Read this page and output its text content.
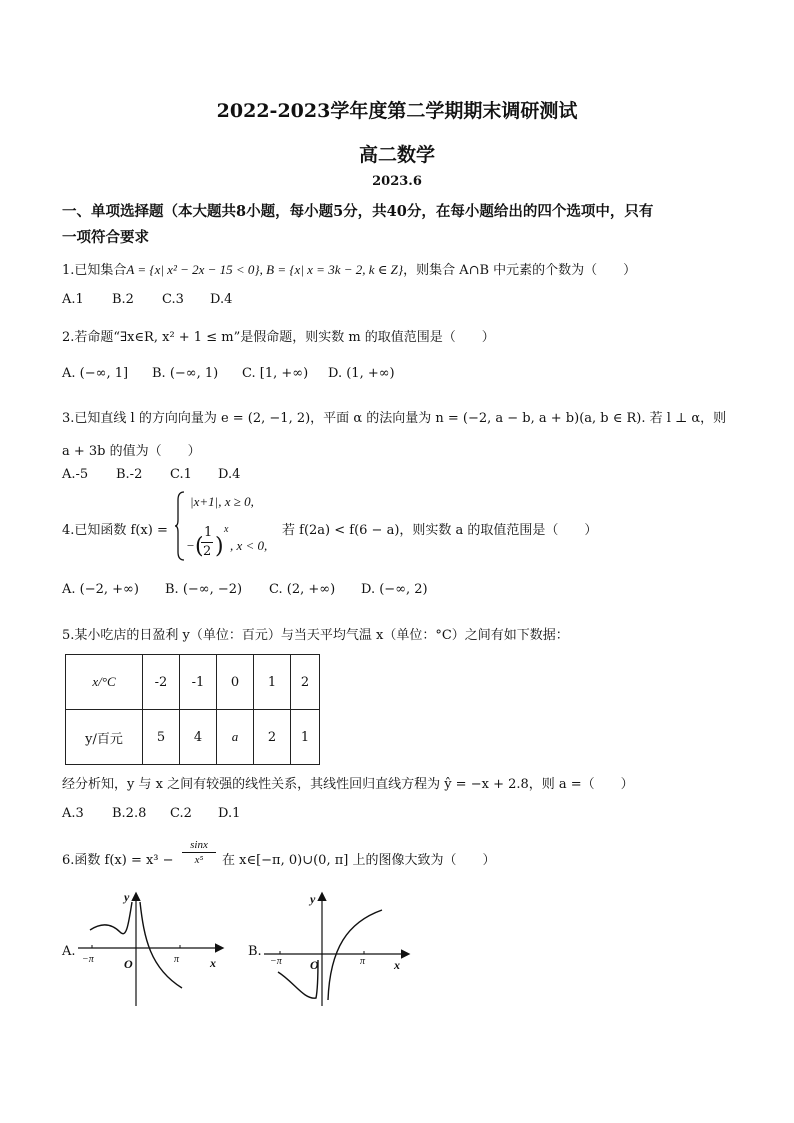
2022-2023学年度第二学期期末调研测试
高二数学
2023.6
一、单项选择题（本大题共8小题，每小题5分，共40分，在每小题给出的四个选项中，只有
一项符合要求
1.已知集合A = {x| x² − 2x − 15 < 0}, B = {x| x = 3k − 2, k ∈ Z}，则集合 A∩B 中元素的个数为（　　）
A.1 B.2 C.3 D.4
2.若命题“∃x∈R, x² + 1 ≤ m”是假命题，则实数 m 的取值范围是（　　）
A. (−∞, 1] B. (−∞, 1) C. [1, +∞) D. (1, +∞)
3.已知直线 l 的方向向量为 e = (2, −1, 2)，平面 α 的法向量为 n = (−2, a − b, a + b)(a, b ∈ R). 若 l ⊥ α，则
a + 3b 的值为（　　）
A.-5 B.-2 C.1 D.4
4.已知函数 f(x) =
|x+1|, x ≥ 0,
− (
1
2 )
x
, x < 0,
若 f(2a) < f(6 − a)，则实数 a 的取值范围是（　　）
A. (−2, +∞) B. (−∞, −2) C. (2, +∞) D. (−∞, 2)
5.某小吃店的日盈利 y（单位：百元）与当天平均气温 x（单位：°C）之间有如下数据：
x/°C	-2	-1	0	1	2
y/百元	5	4	a	2	1
经分析知，y 与 x 之间有较强的线性关系，其线性回归直线方程为 ŷ = −x + 2.8，则 a =（　　）
A.3 B.2.8 C.2 D.1
6.函数 $f(x) = x^3 - \frac{\sin x}{\text{x⁵}}$ 在 x∈[−π, 0)∪(0, π] 上的图像大致为（　　）
A.
−π	π
O	x
y
B.
−π	π
O	x
y
